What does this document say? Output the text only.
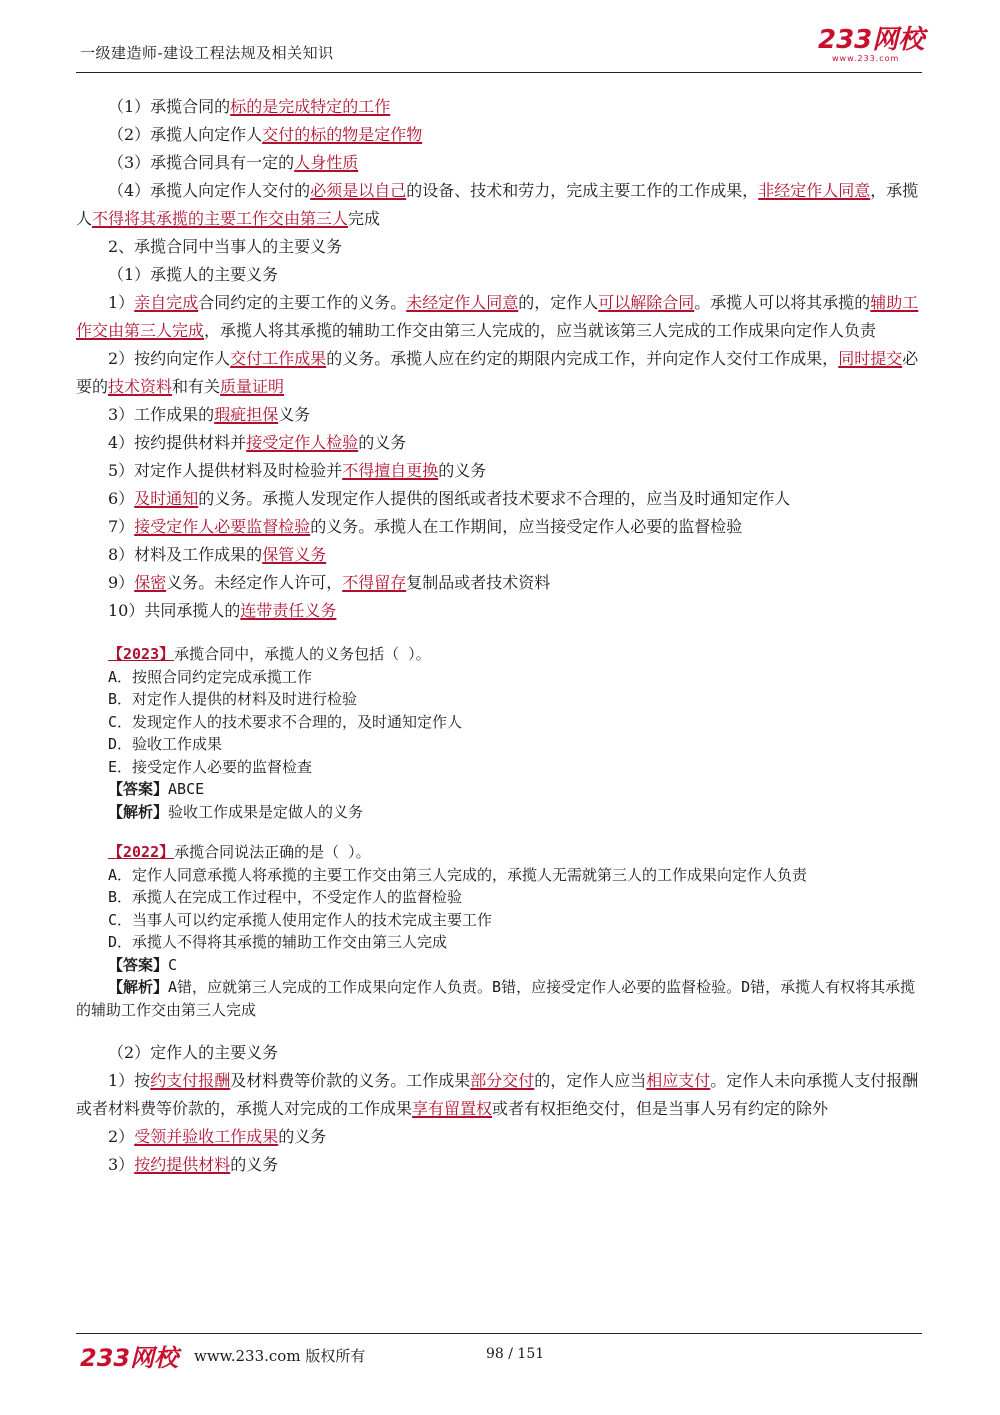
一级建造师-建设工程法规及相关知识	233网校
www.233.com

（1）承揽合同的标的是完成特定的工作

（2）承揽人向定作人交付的标的物是定作物

（3）承揽合同具有一定的人身性质

（4）承揽人向定作人交付的必须是以自己的设备、技术和劳力，完成主要工作的工作成果，非经定作人同意，承揽人不得将其承揽的主要工作交由第三人完成

2、承揽合同中当事人的主要义务

（1）承揽人的主要义务

1）亲自完成合同约定的主要工作的义务。未经定作人同意的，定作人可以解除合同。承揽人可以将其承揽的辅助工作交由第三人完成，承揽人将其承揽的辅助工作交由第三人完成的，应当就该第三人完成的工作成果向定作人负责

2）按约向定作人交付工作成果的义务。承揽人应在约定的期限内完成工作，并向定作人交付工作成果，同时提交必要的技术资料和有关质量证明

3）工作成果的瑕疵担保义务

4）按约提供材料并接受定作人检验的义务

5）对定作人提供材料及时检验并不得擅自更换的义务

6）及时通知的义务。承揽人发现定作人提供的图纸或者技术要求不合理的，应当及时通知定作人

7）接受定作人必要监督检验的义务。承揽人在工作期间，应当接受定作人必要的监督检验

8）材料及工作成果的保管义务

9）保密义务。未经定作人许可，不得留存复制品或者技术资料

10）共同承揽人的连带责任义务

【2023】承揽合同中，承揽人的义务包括（ ）。

A．按照合同约定完成承揽工作

B．对定作人提供的材料及时进行检验

C．发现定作人的技术要求不合理的，及时通知定作人

D．验收工作成果

E．接受定作人必要的监督检查

【答案】ABCE

【解析】验收工作成果是定做人的义务

【2022】承揽合同说法正确的是（ ）。

A．定作人同意承揽人将承揽的主要工作交由第三人完成的，承揽人无需就第三人的工作成果向定作人负责

B．承揽人在完成工作过程中，不受定作人的监督检验

C．当事人可以约定承揽人使用定作人的技术完成主要工作

D．承揽人不得将其承揽的辅助工作交由第三人完成

【答案】C

【解析】A错，应就第三人完成的工作成果向定作人负责。B错，应接受定作人必要的监督检验。D错，承揽人有权将其承揽的辅助工作交由第三人完成

（2）定作人的主要义务

1）按约支付报酬及材料费等价款的义务。工作成果部分交付的，定作人应当相应支付。定作人未向承揽人支付报酬或者材料费等价款的，承揽人对完成的工作成果享有留置权或者有权拒绝交付，但是当事人另有约定的除外

2）受领并验收工作成果的义务

3）按约提供材料的义务

233网校 www.233.com 版权所有	98 / 151
